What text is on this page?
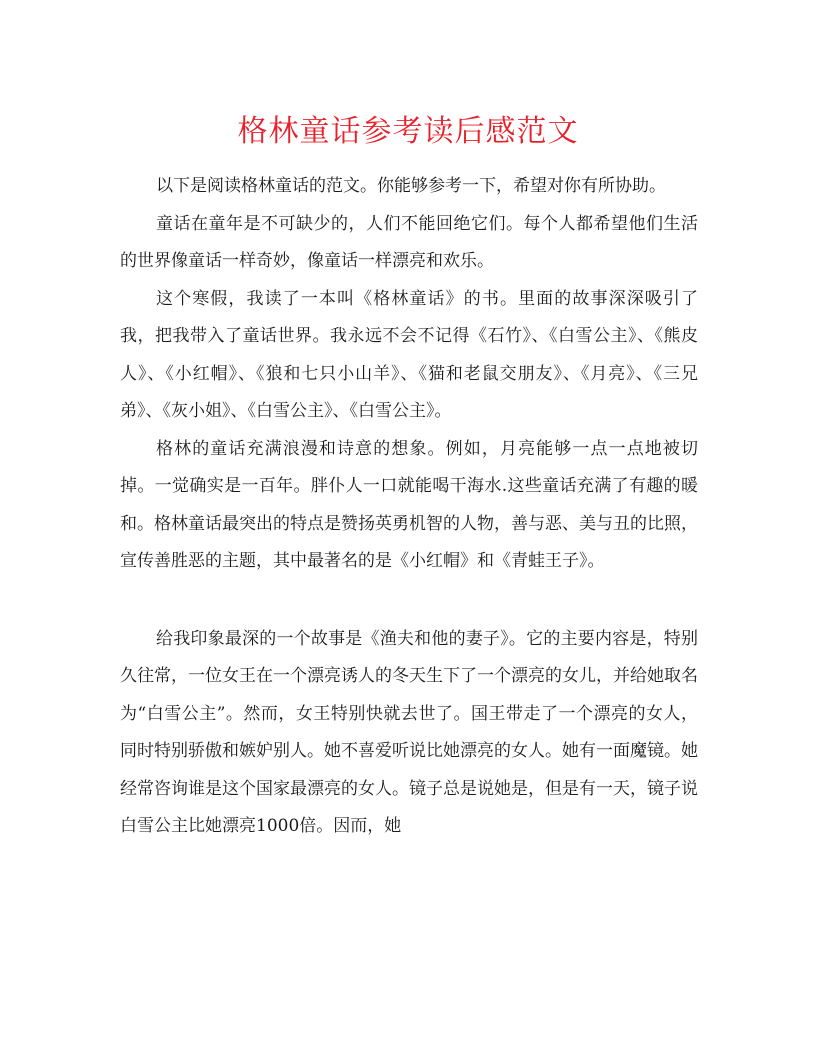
格林童话参考读后感范文

以下是阅读格林童话的范文。你能够参考一下，希望对你有所协助。

童话在童年是不可缺少的，人们不能回绝它们。每个人都希望他们生活的世界像童话一样奇妙，像童话一样漂亮和欢乐。

这个寒假，我读了一本叫《格林童话》的书。里面的故事深深吸引了我，把我带入了童话世界。我永远不会不记得《石竹》、《白雪公主》、《熊皮人》、《小红帽》、《狼和七只小山羊》、《猫和老鼠交朋友》、《月亮》、《三兄弟》、《灰小姐》、《白雪公主》、《白雪公主》。

格林的童话充满浪漫和诗意的想象。例如，月亮能够一点一点地被切掉。一觉确实是一百年。胖仆人一口就能喝干海水.这些童话充满了有趣的暖和。格林童话最突出的特点是赞扬英勇机智的人物，善与恶、美与丑的比照，宣传善胜恶的主题，其中最著名的是《小红帽》和《青蛙王子》。

给我印象最深的一个故事是《渔夫和他的妻子》。它的主要内容是，特别久往常，一位女王在一个漂亮诱人的冬天生下了一个漂亮的女儿，并给她取名为“白雪公主”。然而，女王特别快就去世了。国王带走了一个漂亮的女人，同时特别骄傲和嫉妒别人。她不喜爱听说比她漂亮的女人。她有一面魔镜。她经常咨询谁是这个国家最漂亮的女人。镜子总是说她是，但是有一天，镜子说白雪公主比她漂亮1000倍。因而，她
